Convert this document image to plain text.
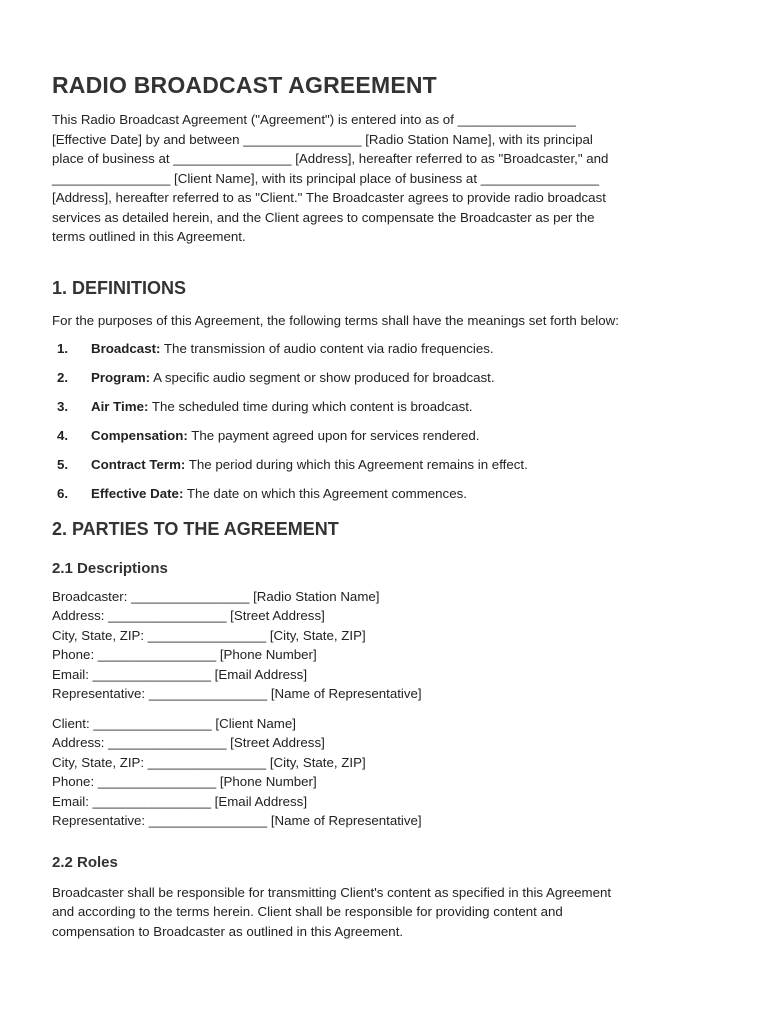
RADIO BROADCAST AGREEMENT

This Radio Broadcast Agreement ("Agreement") is entered into as of ________________

[Effective Date] by and between ________________ [Radio Station Name], with its principal

place of business at ________________ [Address], hereafter referred to as "Broadcaster," and

________________ [Client Name], with its principal place of business at ________________

[Address], hereafter referred to as "Client." The Broadcaster agrees to provide radio broadcast

services as detailed herein, and the Client agrees to compensate the Broadcaster as per the

terms outlined in this Agreement.

1. DEFINITIONS

For the purposes of this Agreement, the following terms shall have the meanings set forth below:

1.	Broadcast: The transmission of audio content via radio frequencies.
2.	Program: A specific audio segment or show produced for broadcast.
3.	Air Time: The scheduled time during which content is broadcast.
4.	Compensation: The payment agreed upon for services rendered.
5.	Contract Term: The period during which this Agreement remains in effect.
6.	Effective Date: The date on which this Agreement commences.
2. PARTIES TO THE AGREEMENT
2.1 Descriptions
Broadcaster: ________________ [Radio Station Name]
Address: ________________ [Street Address]
City, State, ZIP: ________________ [City, State, ZIP]
Phone: ________________ [Phone Number]
Email: ________________ [Email Address]
Representative: ________________ [Name of Representative]
Client: ________________ [Client Name]
Address: ________________ [Street Address]
City, State, ZIP: ________________ [City, State, ZIP]
Phone: ________________ [Phone Number]
Email: ________________ [Email Address]
Representative: ________________ [Name of Representative]
2.2 Roles

Broadcaster shall be responsible for transmitting Client's content as specified in this Agreement

and according to the terms herein. Client shall be responsible for providing content and

compensation to Broadcaster as outlined in this Agreement.
